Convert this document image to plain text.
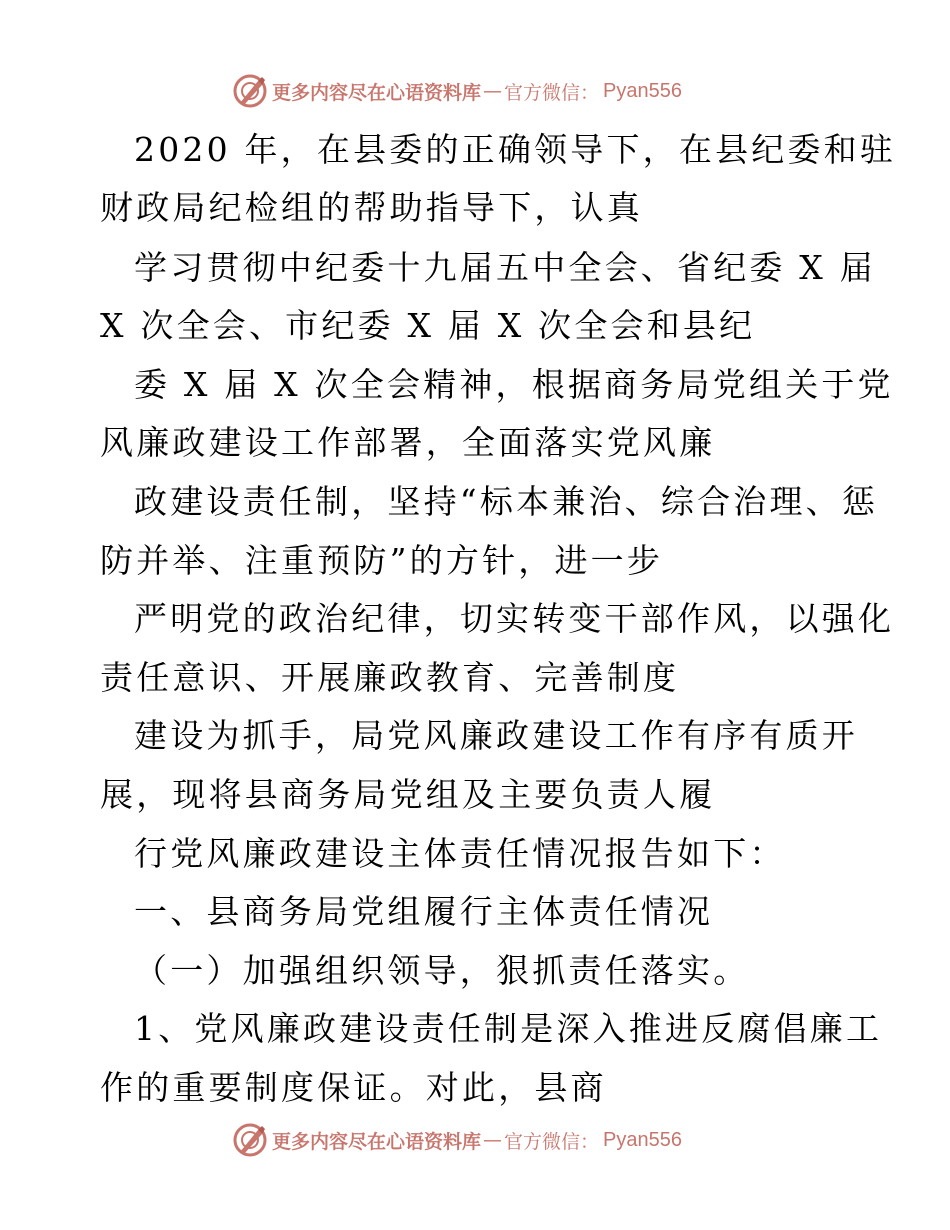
更多内容尽在心语资料库 — 官方微信： Pyan556
2020 年，在县委的正确领导下，在县纪委和驻
财政局纪检组的帮助指导下，认真
学习贯彻中纪委十九届五中全会、省纪委 X 届
X 次全会、市纪委 X 届 X 次全会和县纪
委 X 届 X 次全会精神，根据商务局党组关于党
风廉政建设工作部署，全面落实党风廉
政建设责任制，坚持“标本兼治、综合治理、惩
防并举、注重预防”的方针，进一步
严明党的政治纪律，切实转变干部作风，以强化
责任意识、开展廉政教育、完善制度
建设为抓手，局党风廉政建设工作有序有质开
展，现将县商务局党组及主要负责人履
行党风廉政建设主体责任情况报告如下：
一、县商务局党组履行主体责任情况
（一）加强组织领导，狠抓责任落实。
1、党风廉政建设责任制是深入推进反腐倡廉工
作的重要制度保证。对此，县商
更多内容尽在心语资料库 — 官方微信： Pyan556
